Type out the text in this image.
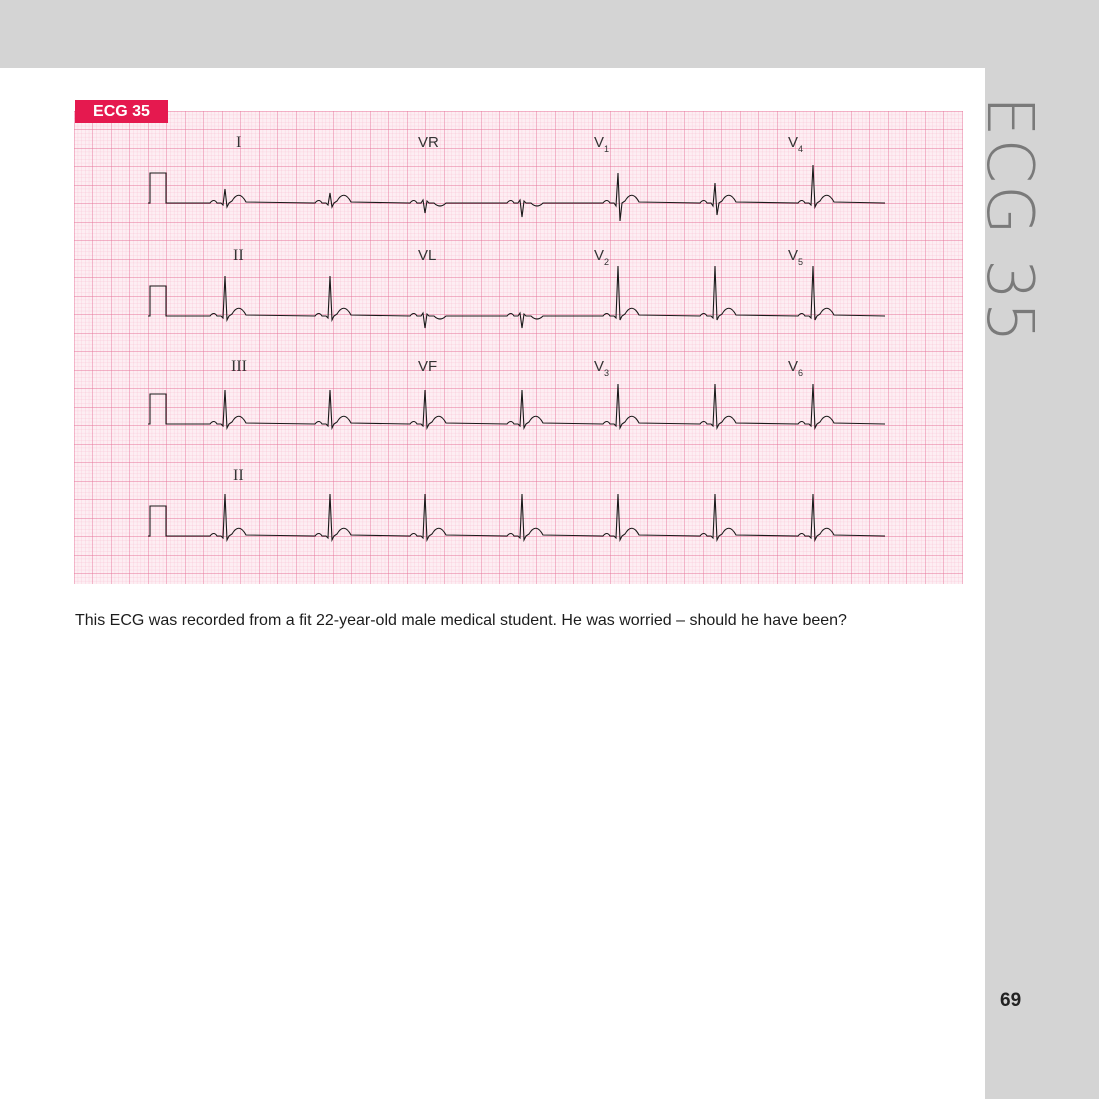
ECG 35
69
ECG 35
I	VR	$V_1$	$V_4$
II	VL	$V_2$	$V_5$
III	VF	$V_3$	$V_6$
II
This ECG was recorded from a fit 22-year-old male medical student. He was worried – should he have been?
